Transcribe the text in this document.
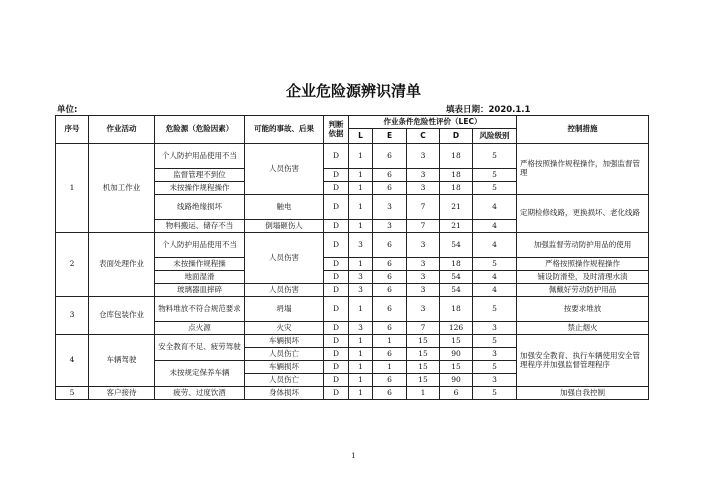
企业危险源辨识清单
单位:	填表日期：2020.1.1
序号	作业活动	危险源（危险因素）	可能的事故、后果	判断依据	作业条件危险性评价（LEC）					控制措施
					L	E	C	D	风险级别	
1	机加工作业	个人防护用品使用不当	人员伤害	D	1	6	3	18	5	严格按照操作规程操作，加强监督管理
		监督管理不到位		D	1	6	3	18	5	
		未按操作规程操作		D	1	6	3	18	5	
		线路绝缘损坏	触电	D	1	3	7	21	4	定期检修线路，更换损坏、老化线路
		物料搬运、储存不当	倒塌砸伤人	D	1	3	7	21	4	
2	表面处理作业	个人防护用品使用不当	人员伤害	D	3	6	3	54	4	加强监督劳动防护用品的使用
		未按操作规程操		D	1	6	3	18	5	严格按照操作规程操作
		地面湿滑		D	3	6	3	54	4	铺设防滑垫，及时清理水渍
		玻璃器皿摔碎	人员伤害	D	3	6	3	54	4	佩戴好劳动防护用品
3	仓库包装作业	物料堆放不符合规范要求	坍塌	D	1	6	3	18	5	按要求堆放
		点火源	火灾	D	3	6	7	126	3	禁止烟火
4	车辆驾驶	安全教育不足、疲劳驾驶	车辆损坏	D	1	1	15	15	5	加强安全教育、执行车辆使用安全管理程序并加强监督管理程序
			人员伤亡	D	1	6	15	90	3	
		未按规定保养车辆	车辆损坏	D	1	1	15	15	5	
			人员伤亡	D	1	6	15	90	3	
5	客户接待	疲劳、过度饮酒	身体损坏	D	1	6	1	6	5	加强自我控制
1
